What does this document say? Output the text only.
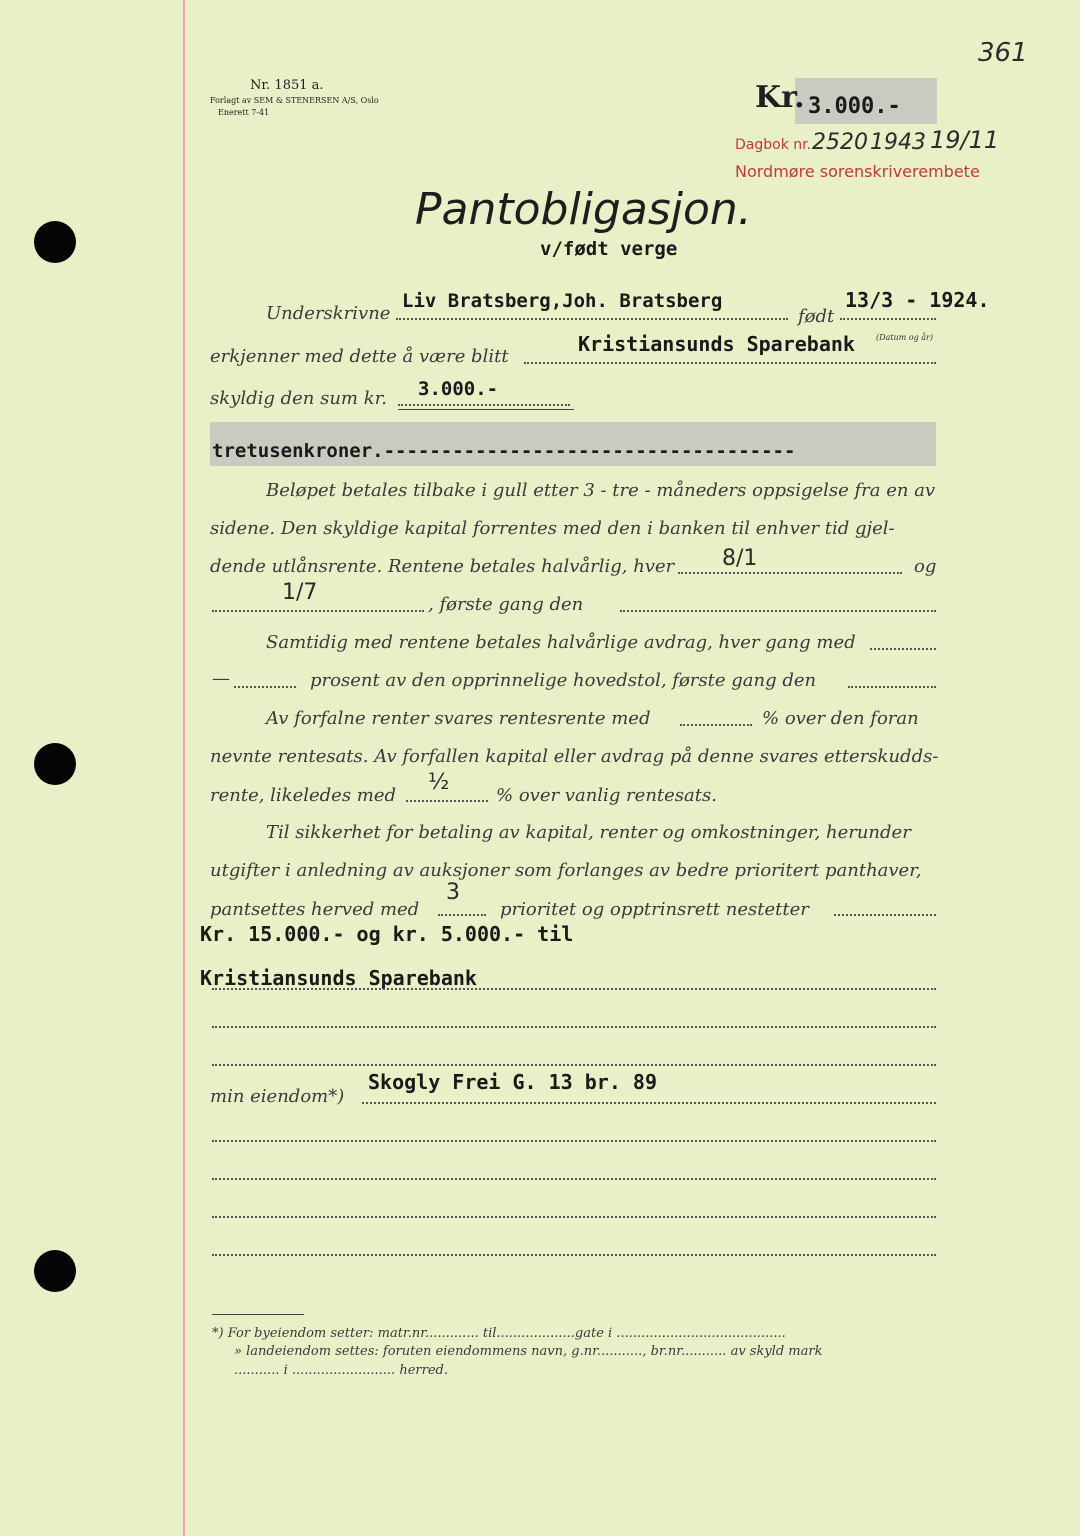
361
Nr. 1851 a.
Forlagt av SEM & STENERSEN A/S, Oslo
Enerett 7-41	Kr. 3.000.-
Dagbok nr. 2520 1943 19/11
Nordmøre sorenskriverembete
Pantobligasjon.
v/født verge
Underskrivne
Liv Bratsberg,Joh. Bratsberg
født
13/3 - 1924.
erkjenner med dette å være blitt
Kristiansunds Sparebank	(Datum og år)
skyldig den sum kr. 3.000.-
tretusenkroner.------------------------------------
Beløpet betales tilbake i gull etter 3 - tre - måneders oppsigelse fra en av
sidene. Den skyldige kapital forrentes med den i banken til enhver tid gjel-
dende utlånsrente. Rentene betales halvårlig, hver 8/1	og
1/7	, første gang den
Samtidig med rentene betales halvårlige avdrag, hver gang med
—	prosent av den opprinnelige hovedstol, første gang den
Av forfalne renter svares rentesrente med	% over den foran
nevnte rentesats. Av forfallen kapital eller avdrag på denne svares etterskudds-
rente, likeledes med
½
% over vanlig rentesats.
Til sikkerhet for betaling av kapital, renter og omkostninger, herunder
utgifter i anledning av auksjoner som forlanges av bedre prioritert panthaver,
pantsettes herved med
3
prioritet og opptrinsrett nestetter
Kr. 15.000.- og kr. 5.000.- til
Kristiansunds Sparebank
min eiendom*)
Skogly Frei G. 13 br. 89
*) For byeiendom setter: matr.nr............. til...................gate i .........................................
» landeiendom settes: foruten eiendommens navn, g.nr..........., br.nr........... av skyld mark
........... i ......................... herred.
